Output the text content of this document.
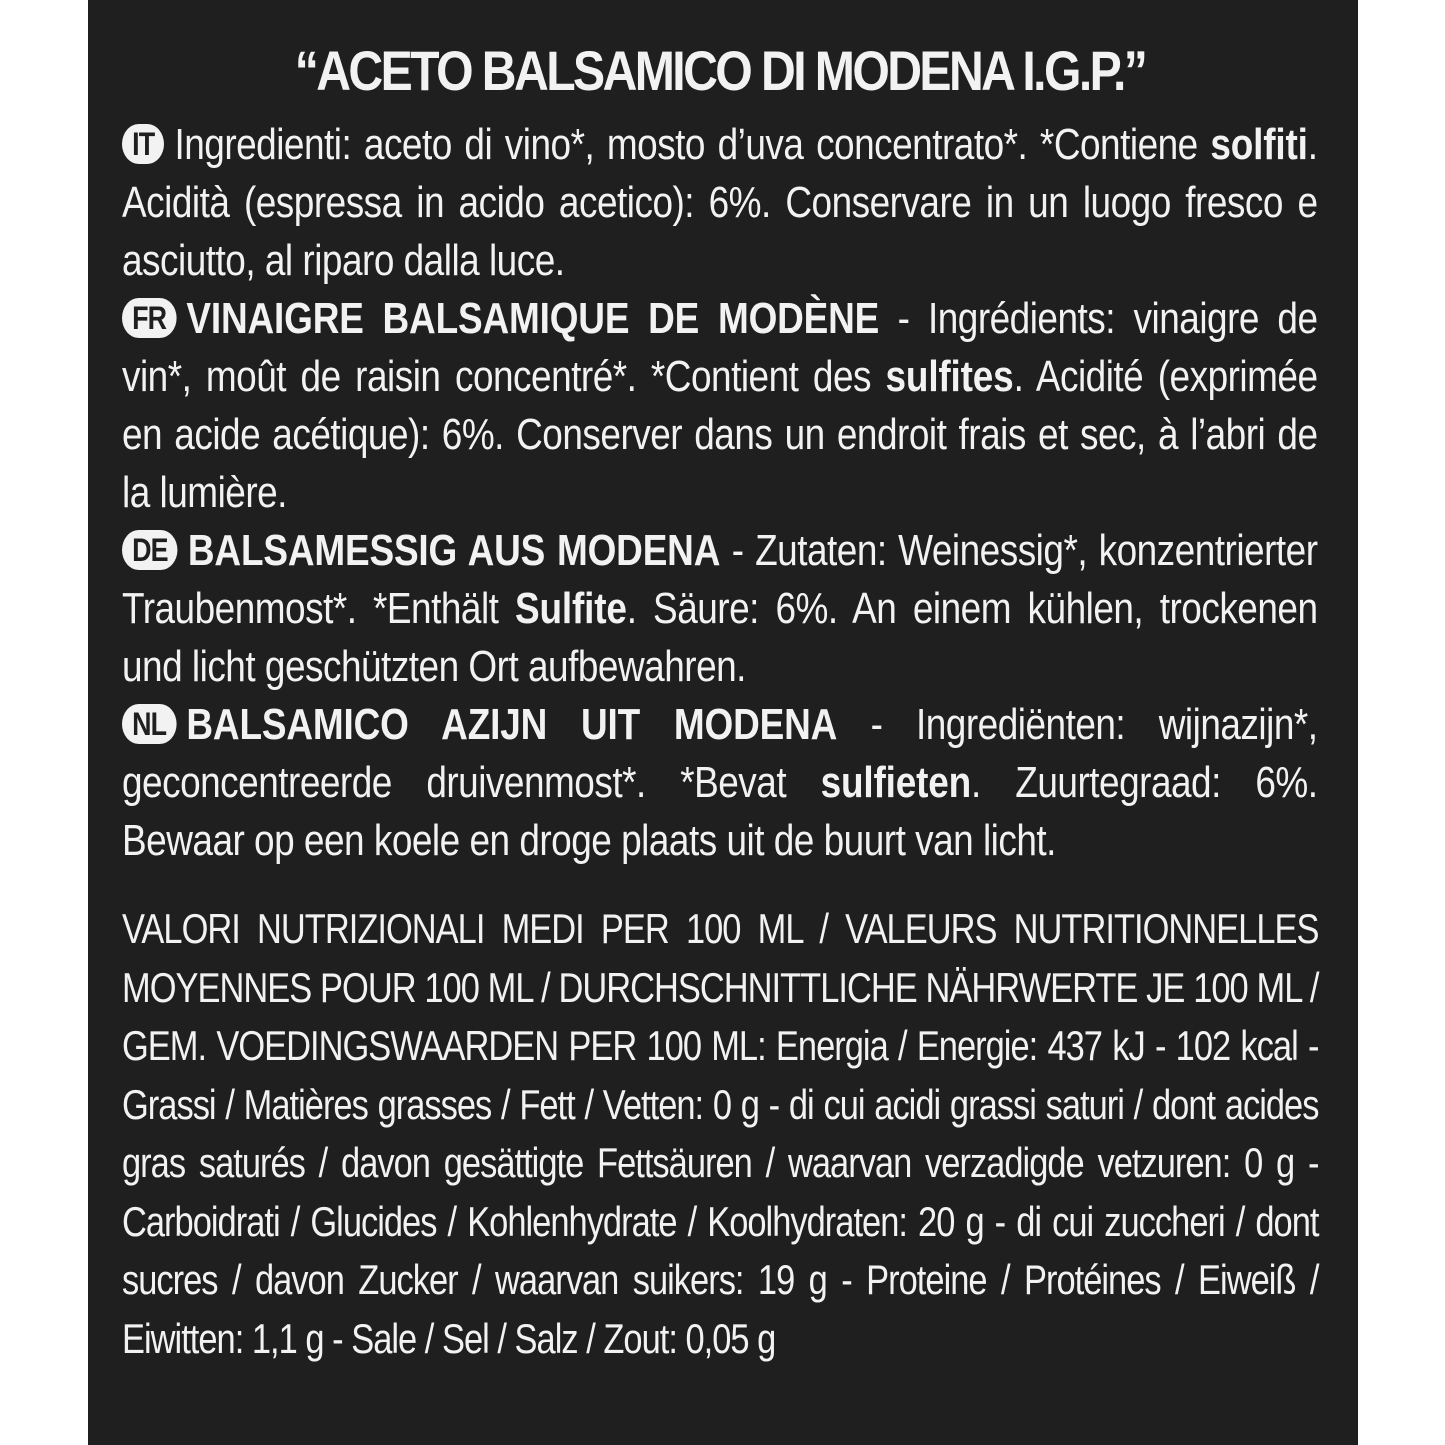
“ACETO BALSAMICO DI MODENA I.G.P.”

IT Ingredienti: aceto di vino*, mosto d’uva concentrato*. *Contiene solfiti. Acidità (espressa in acido acetico): 6%. Conservare in un luogo fresco e asciutto, al riparo dalla luce.

FR VINAIGRE BALSAMIQUE DE MODÈNE - Ingrédients: vinaigre de vin*, moût de raisin concentré*. *Contient des sulfites. Acidité (exprimée en acide acétique): 6%. Conserver dans un endroit frais et sec, à l’abri de la lumière.

DE BALSAMESSIG AUS MODENA - Zutaten: Weinessig*, konzentrierter Traubenmost*. *Enthält Sulfite. Säure: 6%. An einem kühlen, trockenen und licht geschützten Ort aufbewahren.

NL BALSAMICO AZIJN UIT MODENA - Ingrediënten: wijnazijn*, geconcentreerde druivenmost*. *Bevat sulfieten. Zuurtegraad: 6%. Bewaar op een koele en droge plaats uit de buurt van licht.

VALORI NUTRIZIONALI MEDI PER 100 ML / VALEURS NUTRITIONNELLES MOYENNES POUR 100 ML / DURCHSCHNITTLICHE NÄHRWERTE JE 100 ML / GEM. VOEDINGSWAARDEN PER 100 ML: Energia / Energie: 437 kJ - 102 kcal - Grassi / Matières grasses / Fett / Vetten: 0 g - di cui acidi grassi saturi / dont acides gras saturés / davon gesättigte Fettsäuren / waarvan verzadigde vetzuren: 0 g - Carboidrati / Glucides / Kohlenhydrate / Koolhydraten: 20 g - di cui zuccheri / dont sucres / davon Zucker / waarvan suikers: 19 g - Proteine / Protéines / Eiweiß / Eiwitten: 1,1 g - Sale / Sel / Salz / Zout: 0,05 g
